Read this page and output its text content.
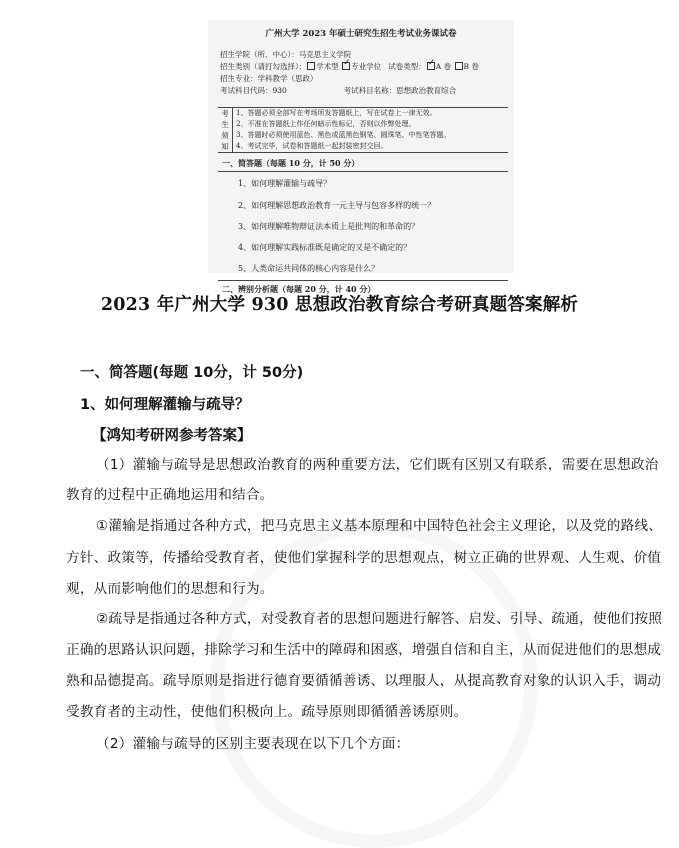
广州大学 2023 年硕士研究生招生考试业务课试卷
招生学院（所、中心）：马克思主义学院
招生类别（请打勾选择）： 学术型 ✓ 专业学位 试卷类型： ✓ A 卷 B 卷
招生专业：学科教学（思政）
考试科目代码：930	考试科目名称：思想政治教育综合
考
生
须
知
1、答题必须全部写在考场所发答题纸上，写在试卷上一律无效。
2、不准在答题纸上作任何暗示性标记，否则以作弊处理。
3、答题时必须使用蓝色、黑色或蓝黑色钢笔、圆珠笔、中性笔答题。
4、考试完毕，试卷和答题纸一起封装密封交回。
一、简答题（每题 10 分，计 50 分）
1、如何理解灌输与疏导？
2、如何理解思想政治教育一元主导与包容多样的统一？
3、如何理解唯物辩证法本质上是批判的和革命的？
4、如何理解实践标准既是确定的又是不确定的？
5、人类命运共同体的核心内容是什么？
二、辨别分析题（每题 20 分，计 40 分）
2023 年广州大学 930 思想政治教育综合考研真题答案解析
一、简答题(每题 10分，计 50分)
1、如何理解灌输与疏导？
【鸿知考研网参考答案】
（1）灌输与疏导是思想政治教育的两种重要方法，它们既有区别又有联系，需要在思想政治
教育的过程中正确地运用和结合。
①灌输是指通过各种方式，把马克思主义基本原理和中国特色社会主义理论，以及党的路线、
方针、政策等，传播给受教育者，使他们掌握科学的思想观点，树立正确的世界观、人生观、价值
观，从而影响他们的思想和行为。
②疏导是指通过各种方式，对受教育者的思想问题进行解答、启发、引导、疏通，使他们按照
正确的思路认识问题，排除学习和生活中的障碍和困惑，增强自信和自主，从而促进他们的思想成
熟和品德提高。疏导原则是指进行德育要循循善诱、以理服人，从提高教育对象的认识入手，调动
受教育者的主动性，使他们积极向上。疏导原则即循循善诱原则。
（2）灌输与疏导的区别主要表现在以下几个方面：
